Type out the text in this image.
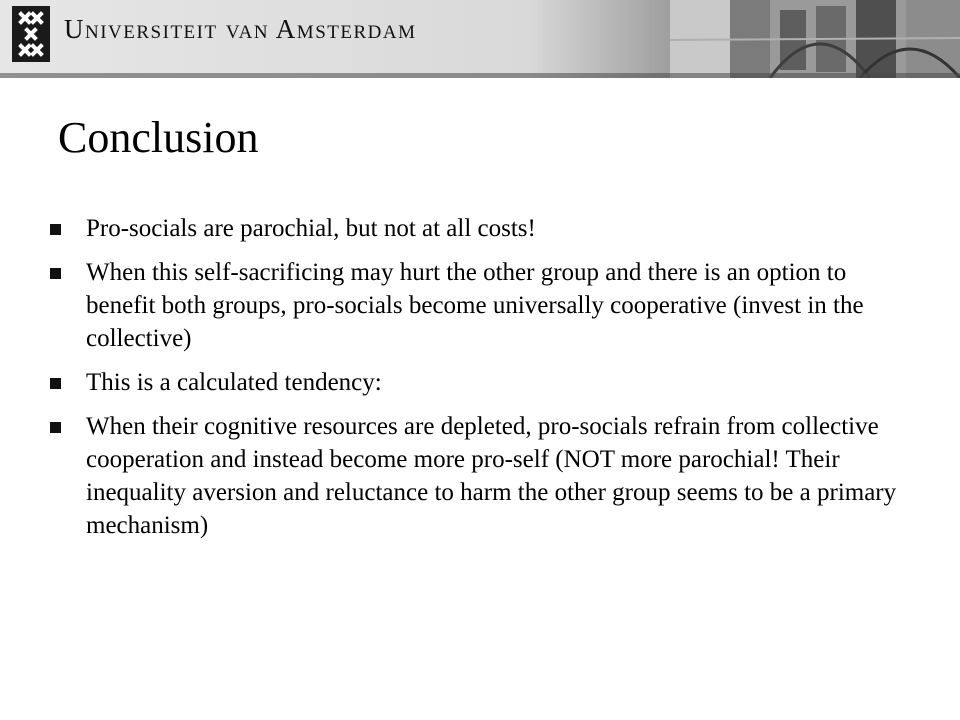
Universiteit van Amsterdam
Conclusion
Pro-socials are parochial, but not at all costs!
When this self-sacrificing may hurt the other group and there is an option to benefit both groups, pro-socials become universally cooperative (invest in the collective)
This is a calculated tendency:
When their cognitive resources are depleted, pro-socials refrain from collective cooperation and instead become more pro-self (NOT more parochial! Their inequality aversion and reluctance to harm the other group seems to be a primary mechanism)
